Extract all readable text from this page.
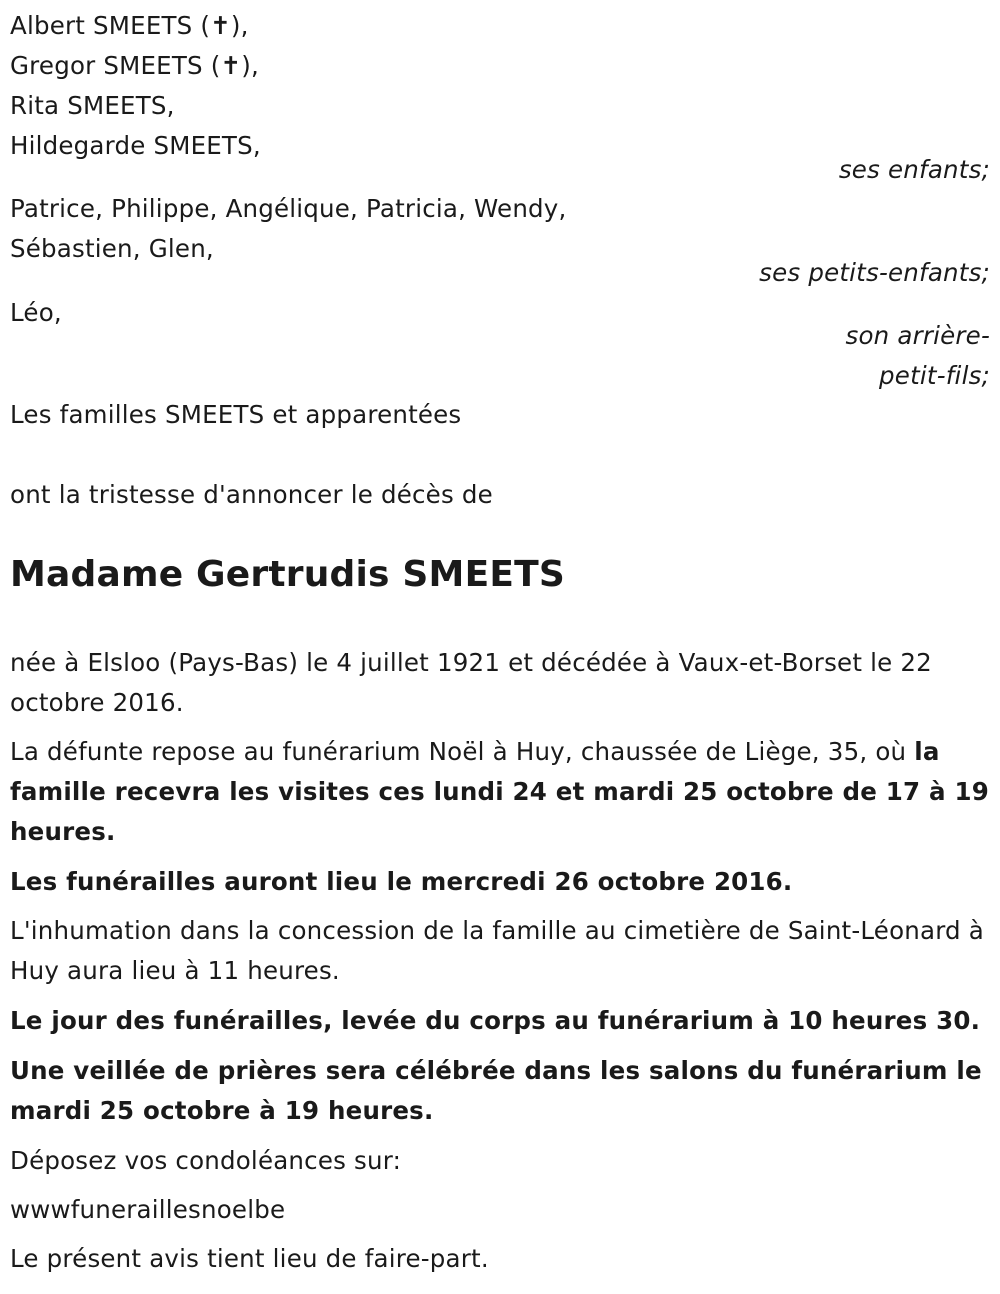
Albert SMEETS (✝),
Gregor SMEETS (✝),
Rita SMEETS,
Hildegarde SMEETS,
ses enfants;
Patrice, Philippe, Angélique, Patricia, Wendy,
Sébastien, Glen,
ses petits-enfants;
Léo,
son arrière-
petit-fils;
Les familles SMEETS et apparentées
ont la tristesse d'annoncer le décès de
Madame Gertrudis SMEETS
née à Elsloo (Pays-Bas) le 4 juillet 1921 et décédée à Vaux-et-Borset le 22 octobre 2016.
La défunte repose au funérarium Noël à Huy, chaussée de Liège, 35, où la famille recevra les visites ces lundi 24 et mardi 25 octobre de 17 à 19 heures.
Les funérailles auront lieu le mercredi 26 octobre 2016.
L'inhumation dans la concession de la famille au cimetière de Saint-Léonard à Huy aura lieu à 11 heures.
Le jour des funérailles, levée du corps au funérarium à 10 heures 30.
Une veillée de prières sera célébrée dans les salons du funérarium le mardi 25 octobre à 19 heures.
Déposez vos condoléances sur:
wwwfuneraillesnoelbe
Le présent avis tient lieu de faire-part.
